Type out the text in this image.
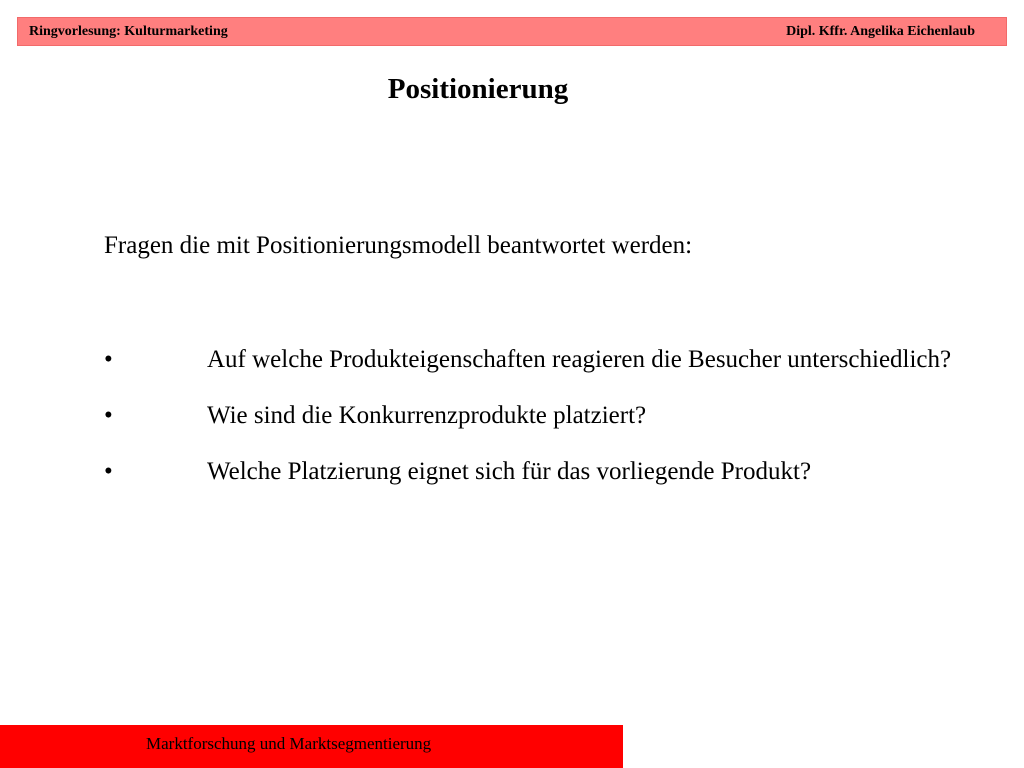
Ringvorlesung: Kulturmarketing	Dipl. Kffr. Angelika Eichenlaub
Positionierung
Fragen die mit Positionierungsmodell beantwortet werden:
•	Auf welche Produkteigenschaften reagieren die Besucher unterschiedlich?
•	Wie sind die Konkurrenzprodukte platziert?
•	Welche Platzierung eignet sich für das vorliegende Produkt?
Marktforschung und Marktsegmentierung
